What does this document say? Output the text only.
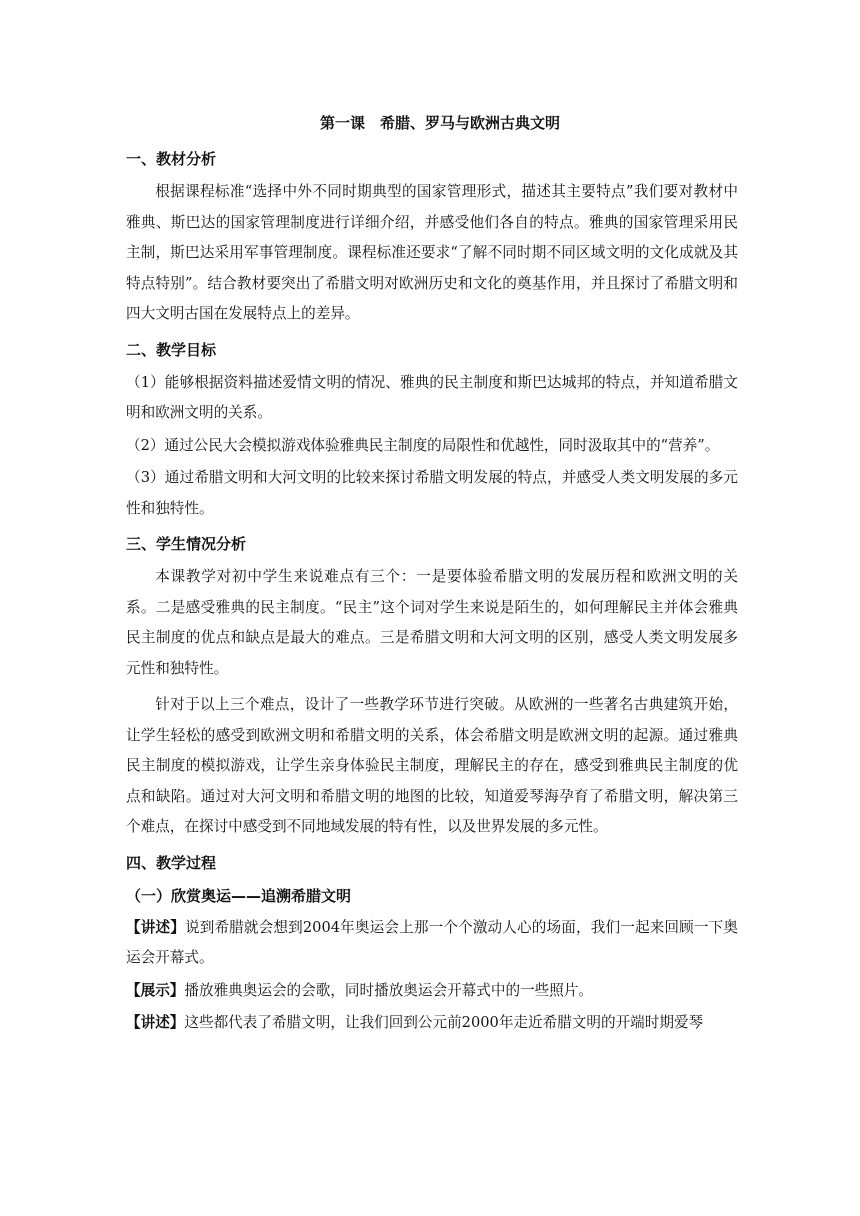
第一课　希腊、罗马与欧洲古典文明
一、教材分析

根据课程标准“选择中外不同时期典型的国家管理形式，描述其主要特点”我们要对教材中雅典、斯巴达的国家管理制度进行详细介绍，并感受他们各自的特点。雅典的国家管理采用民主制，斯巴达采用军事管理制度。课程标准还要求“了解不同时期不同区域文明的文化成就及其特点特别”。结合教材要突出了希腊文明对欧洲历史和文化的奠基作用，并且探讨了希腊文明和四大文明古国在发展特点上的差异。

二、教学目标

（1）能够根据资料描述爱情文明的情况、雅典的民主制度和斯巴达城邦的特点，并知道希腊文明和欧洲文明的关系。

（2）通过公民大会模拟游戏体验雅典民主制度的局限性和优越性，同时汲取其中的“营养”。

（3）通过希腊文明和大河文明的比较来探讨希腊文明发展的特点，并感受人类文明发展的多元性和独特性。

三、学生情况分析

本课教学对初中学生来说难点有三个：一是要体验希腊文明的发展历程和欧洲文明的关系。二是感受雅典的民主制度。“民主”这个词对学生来说是陌生的，如何理解民主并体会雅典民主制度的优点和缺点是最大的难点。三是希腊文明和大河文明的区别，感受人类文明发展多元性和独特性。

针对于以上三个难点，设计了一些教学环节进行突破。从欧洲的一些著名古典建筑开始，让学生轻松的感受到欧洲文明和希腊文明的关系，体会希腊文明是欧洲文明的起源。通过雅典民主制度的模拟游戏，让学生亲身体验民主制度，理解民主的存在，感受到雅典民主制度的优点和缺陷。通过对大河文明和希腊文明的地图的比较，知道爱琴海孕育了希腊文明，解决第三个难点，在探讨中感受到不同地域发展的特有性，以及世界发展的多元性。

四、教学过程
（一）欣赏奥运——追溯希腊文明

【讲述】说到希腊就会想到2004年奥运会上那一个个激动人心的场面，我们一起来回顾一下奥运会开幕式。

【展示】播放雅典奥运会的会歌，同时播放奥运会开幕式中的一些照片。

【讲述】这些都代表了希腊文明，让我们回到公元前2000年走近希腊文明的开端时期爱琴
